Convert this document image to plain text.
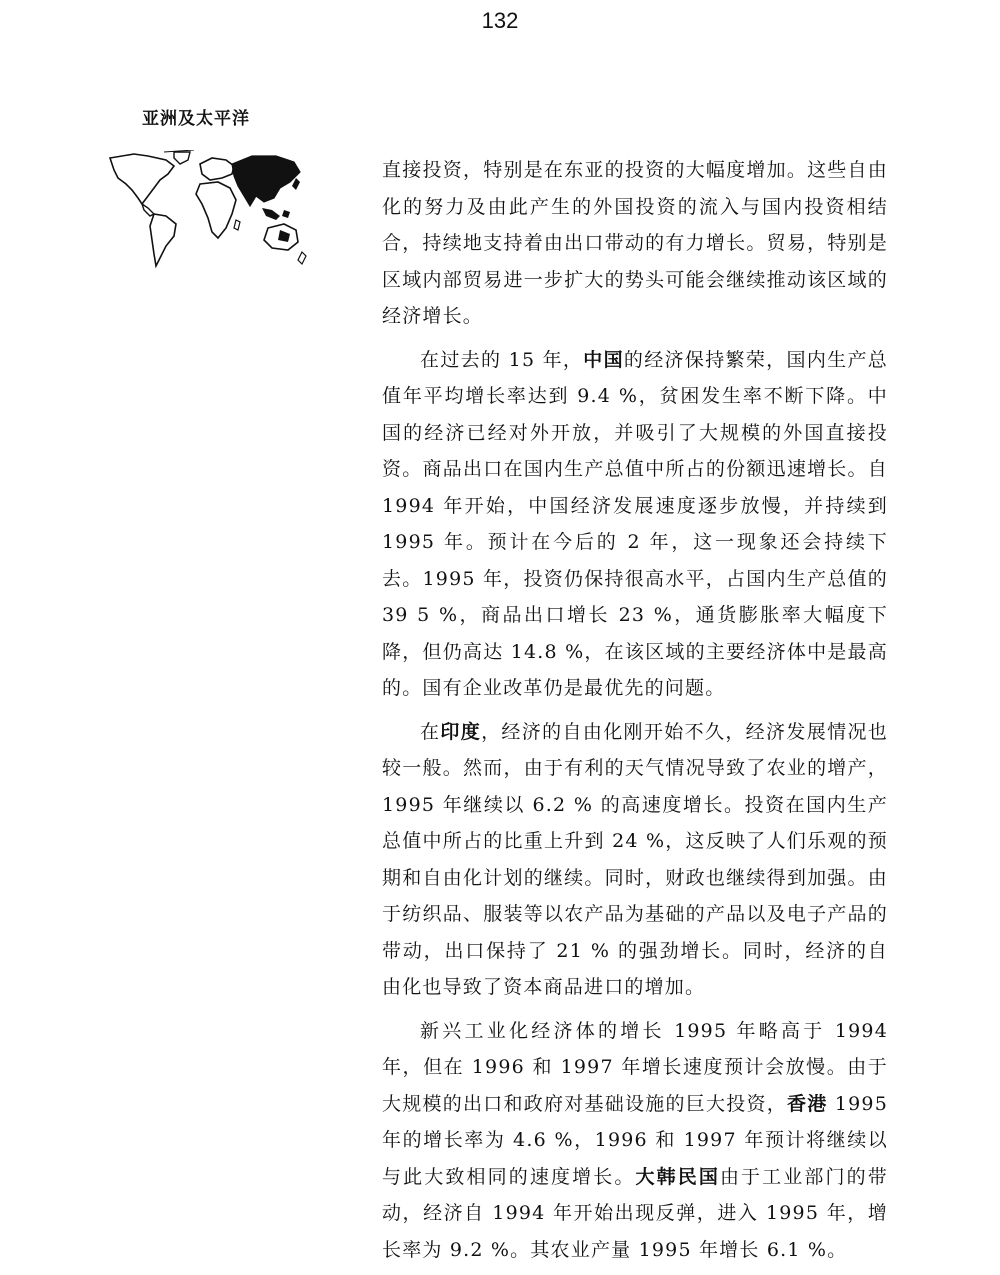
132
亚洲及太平洋

直接投资，特别是在东亚的投资的大幅度增加。这些自由化的努力及由此产生的外国投资的流入与国内投资相结合，持续地支持着由出口带动的有力增长。贸易，特别是区域内部贸易进一步扩大的势头可能会继续推动该区域的经济增长。

在过去的 15 年，中国的经济保持繁荣，国内生产总值年平均增长率达到 9.4 %，贫困发生率不断下降。中国的经济已经对外开放，并吸引了大规模的外国直接投资。商品出口在国内生产总值中所占的份额迅速增长。自 1994 年开始，中国经济发展速度逐步放慢，并持续到 1995 年。预计在今后的 2 年，这一现象还会持续下去。1995 年，投资仍保持很高水平，占国内生产总值的 39 5 %，商品出口增长 23 %，通货膨胀率大幅度下降，但仍高达 14.8 %，在该区域的主要经济体中是最高的。国有企业改革仍是最优先的问题。

在印度，经济的自由化刚开始不久，经济发展情况也较一般。然而，由于有利的天气情况导致了农业的增产，1995 年继续以 6.2 % 的高速度增长。投资在国内生产总值中所占的比重上升到 24 %，这反映了人们乐观的预期和自由化计划的继续。同时，财政也继续得到加强。由于纺织品、服装等以农产品为基础的产品以及电子产品的带动，出口保持了 21 % 的强劲增长。同时，经济的自由化也导致了资本商品进口的增加。

新兴工业化经济体的增长 1995 年略高于 1994 年，但在 1996 和 1997 年增长速度预计会放慢。由于大规模的出口和政府对基础设施的巨大投资，香港 1995 年的增长率为 4.6 %，1996 和 1997 年预计将继续以与此大致相同的速度增长。大韩民国由于工业部门的带动，经济自 1994 年开始出现反弹，进入 1995 年，增长率为 9.2 %。其农业产量 1995 年增长 6.1 %。
